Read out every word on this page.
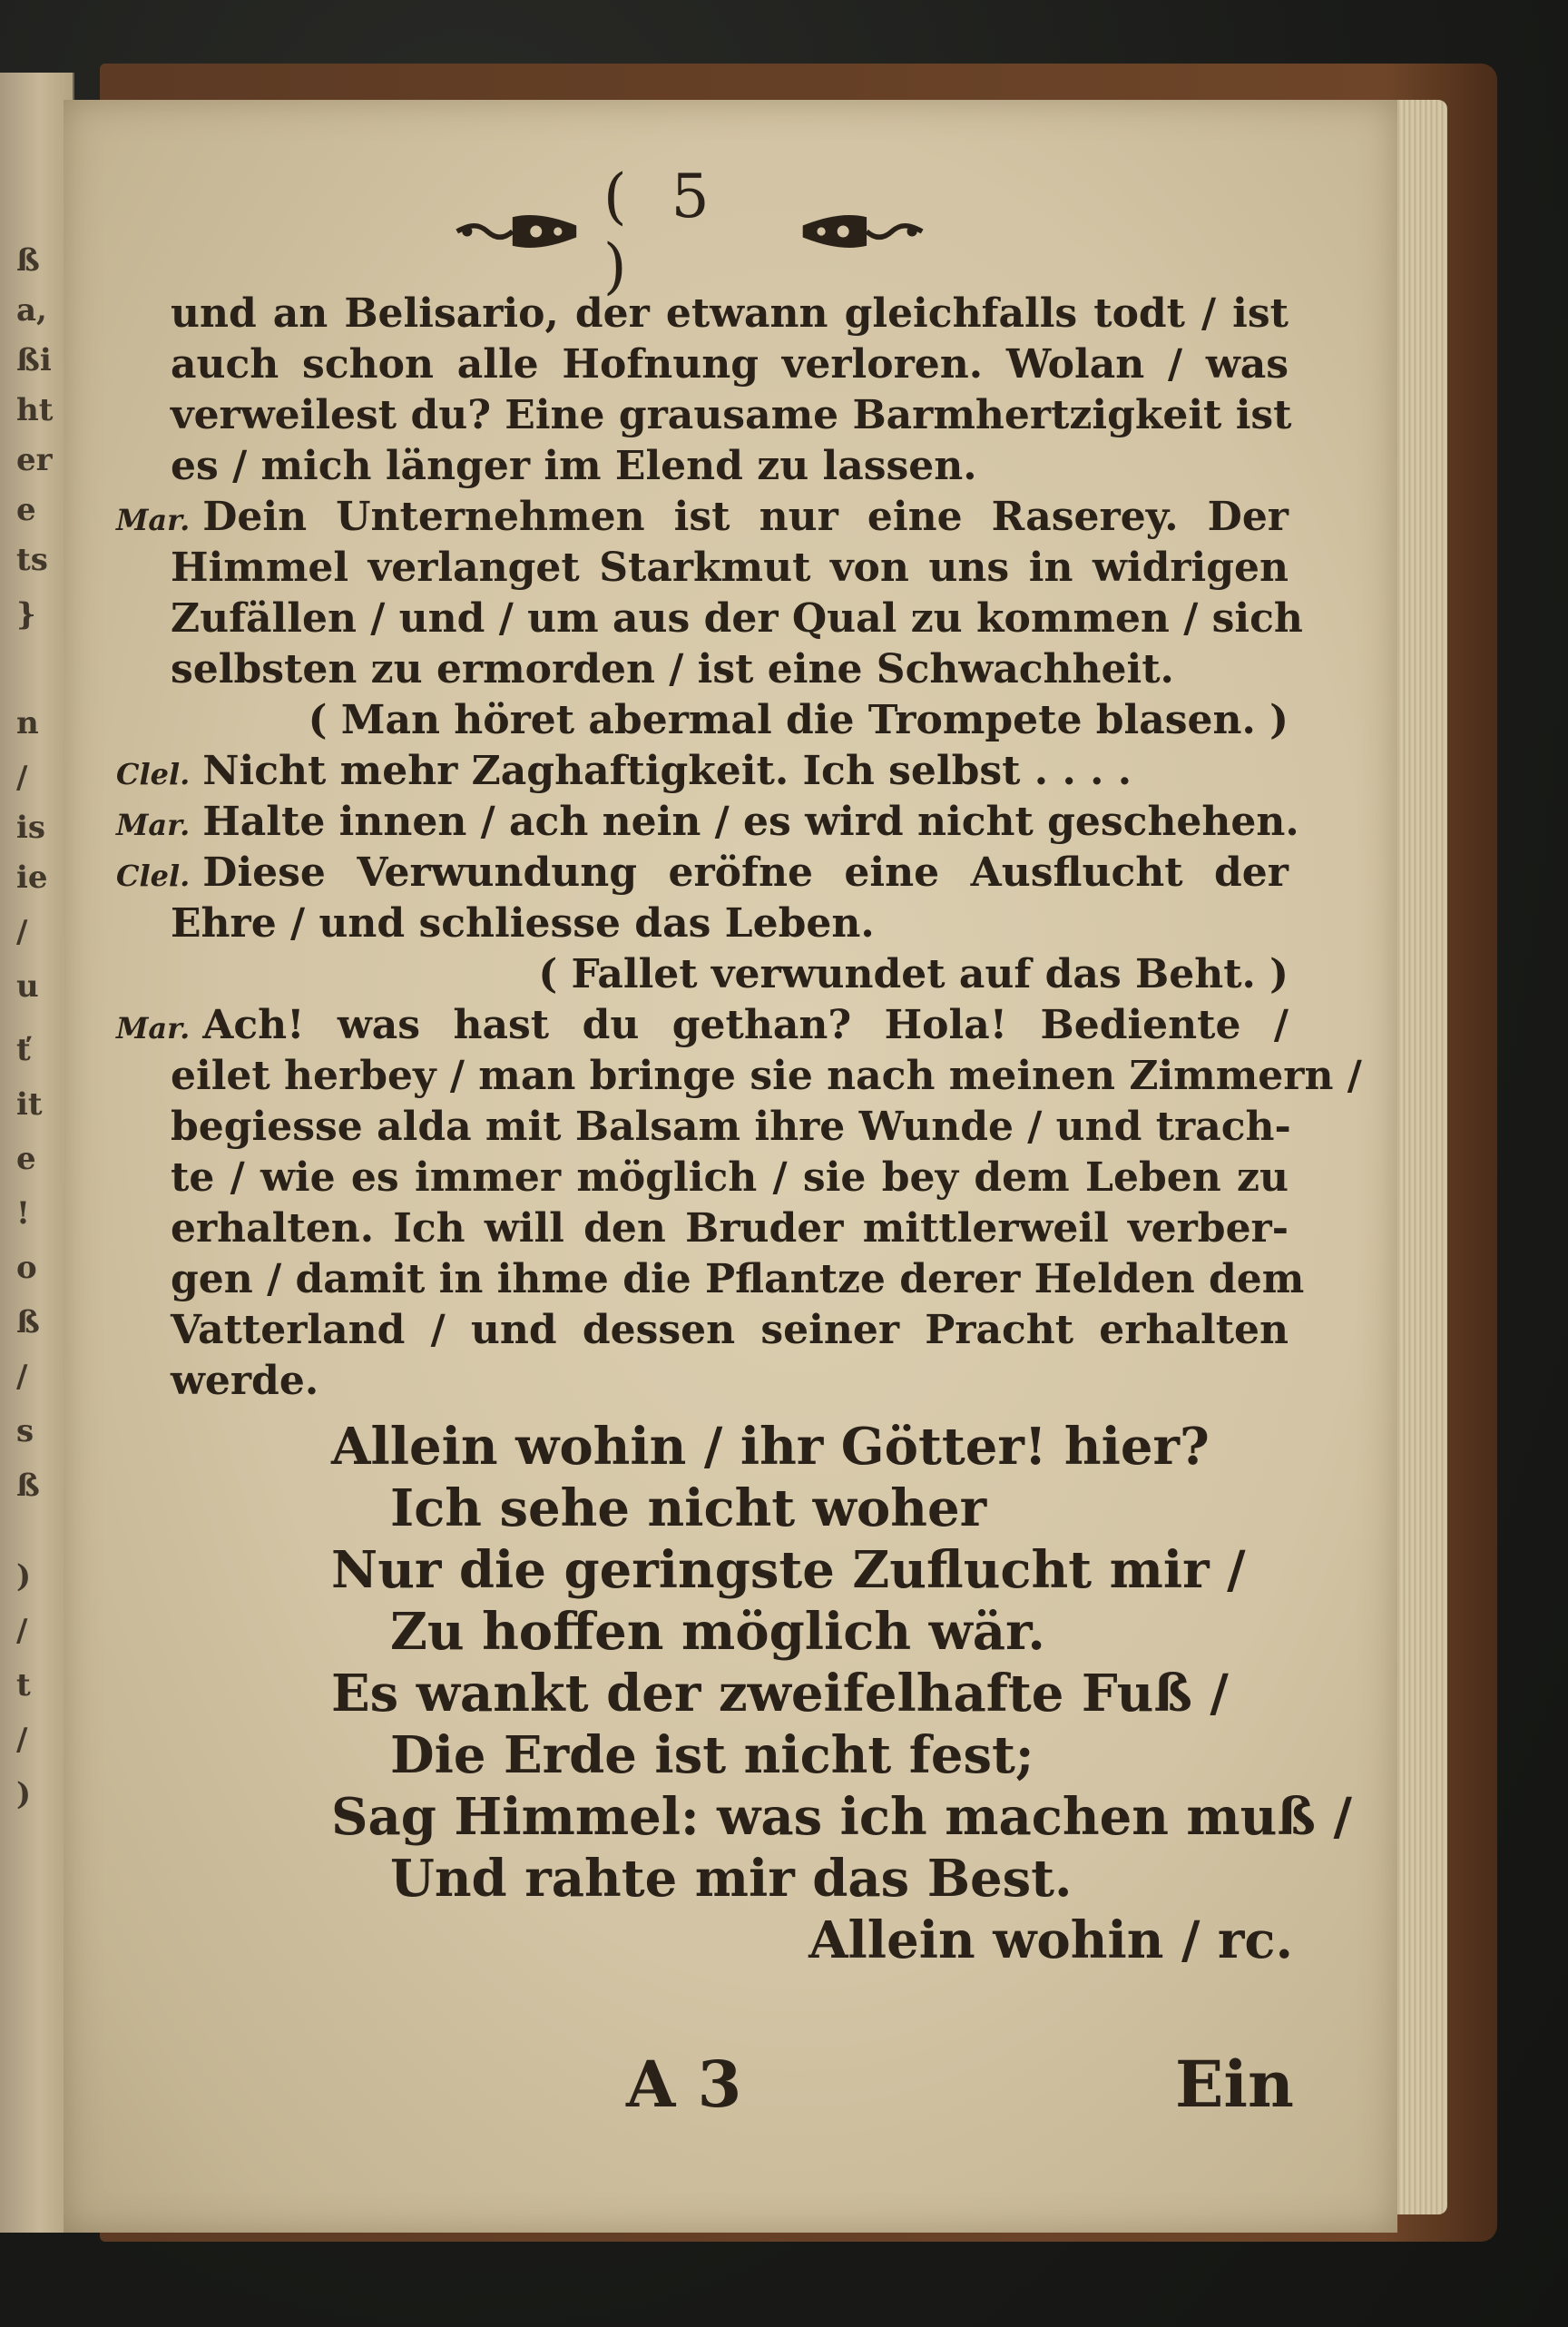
ß
a,
ßi
ht
er
e
ts
}
n
/
is
ie
/
u
ť
it
e
!
o
ß
/
s
ß
)
/
t
/
)
( 5 )
und an Belisario, der etwann gleichfalls todt / ist
auch schon alle Hofnung verloren. Wolan / was
verweilest du? Eine grausame Barmhertzigkeit ist
es / mich länger im Elend zu lassen.
Mar. Dein Unternehmen ist nur eine Raserey. Der
Himmel verlanget Starkmut von uns in widrigen
Zufällen / und / um aus der Qual zu kommen / sich
selbsten zu ermorden / ist eine Schwachheit.
( Man höret abermal die Trompete blasen. )
Clel. Nicht mehr Zaghaftigkeit. Ich selbst . . . .
Mar. Halte innen / ach nein / es wird nicht geschehen.
Clel. Diese Verwundung eröfne eine Ausflucht der
Ehre / und schliesse das Leben.
( Fallet verwundet auf das Beht. )
Mar. Ach! was hast du gethan? Hola! Bediente /
eilet herbey / man bringe sie nach meinen Zimmern /
begiesse alda mit Balsam ihre Wunde / und trach-
te / wie es immer möglich / sie bey dem Leben zu
erhalten. Ich will den Bruder mittlerweil verber-
gen / damit in ihme die Pflantze derer Helden dem
Vatterland / und dessen seiner Pracht erhalten
werde.
Allein wohin / ihr Götter! hier?
Ich sehe nicht woher
Nur die geringste Zuflucht mir /
Zu hoffen möglich wär.
Es wankt der zweifelhafte Fuß /
Die Erde ist nicht fest;
Sag Himmel: was ich machen muß /
Und rahte mir das Best.
Allein wohin / rc.
A 3	Ein
